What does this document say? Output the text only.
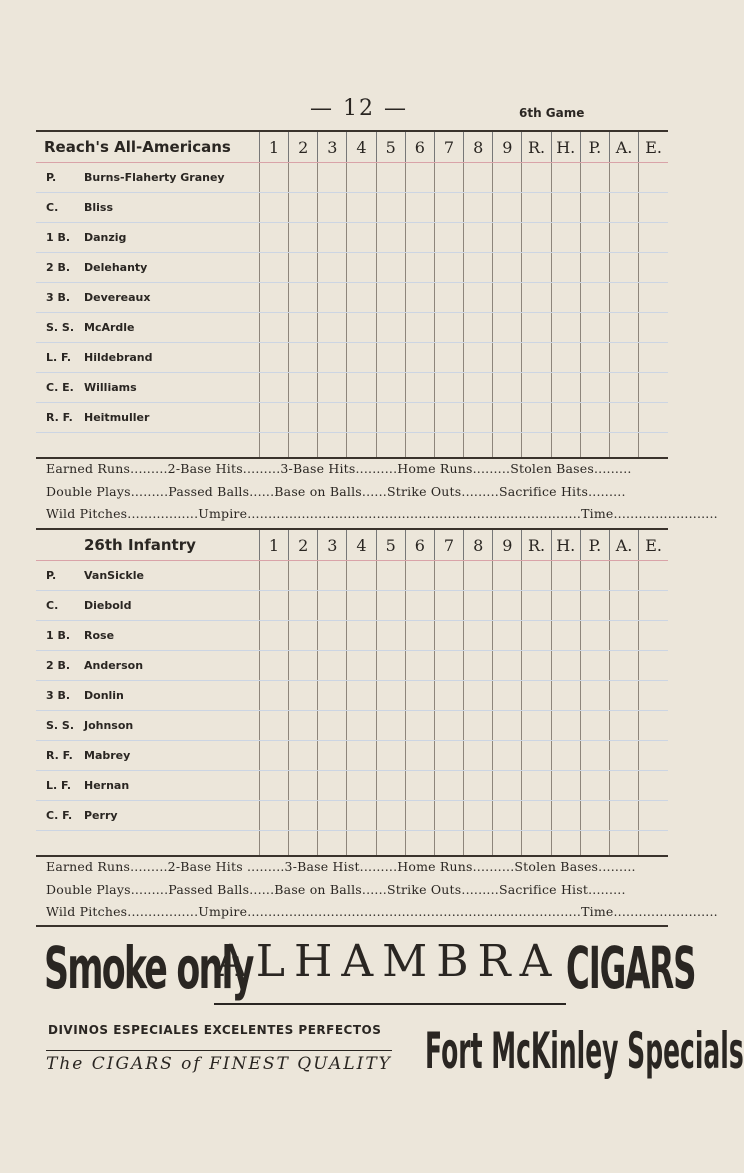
— 12 —	6th Game
Reach's All-Americans	1	2	3	4	5	6	7	8	9	R.	H.	P.	A.	E.
P. Burns-Flaherty Graney														
C. Bliss														
1 B. Danzig														
2 B. Delehanty														
3 B. Devereaux														
S. S. McArdle														
L. F. Hildebrand														
C. E. Williams														
R. F. Heitmuller														

Earned Runs.........2-Base Hits.........3-Base Hits..........Home Runs.........Stolen Bases.........
Double Plays.........Passed Balls......Base on Balls......Strike Outs.........Sacrifice Hits.........
Wild Pitches.................Umpire................................................................................Time.........................
26th Infantry	1	2	3	4	5	6	7	8	9	R.	H.	P.	A.	E.
P. VanSickle														
C. Diebold														
1 B. Rose														
2 B. Anderson														
3 B. Donlin														
S. S. Johnson														
R. F. Mabrey														
L. F. Hernan														
C. F. Perry														

Earned Runs.........2-Base Hits .........3-Base Hist.........Home Runs..........Stolen Bases.........
Double Plays.........Passed Balls......Base on Balls......Strike Outs.........Sacrifice Hist.........
Wild Pitches.................Umpire................................................................................Time.........................
Smoke only
ALHAMBRA CIGARS
DIVINOS ESPECIALES EXCELENTES PERFECTOS
The CIGARS of FINEST QUALITY Fort McKinley Specials
